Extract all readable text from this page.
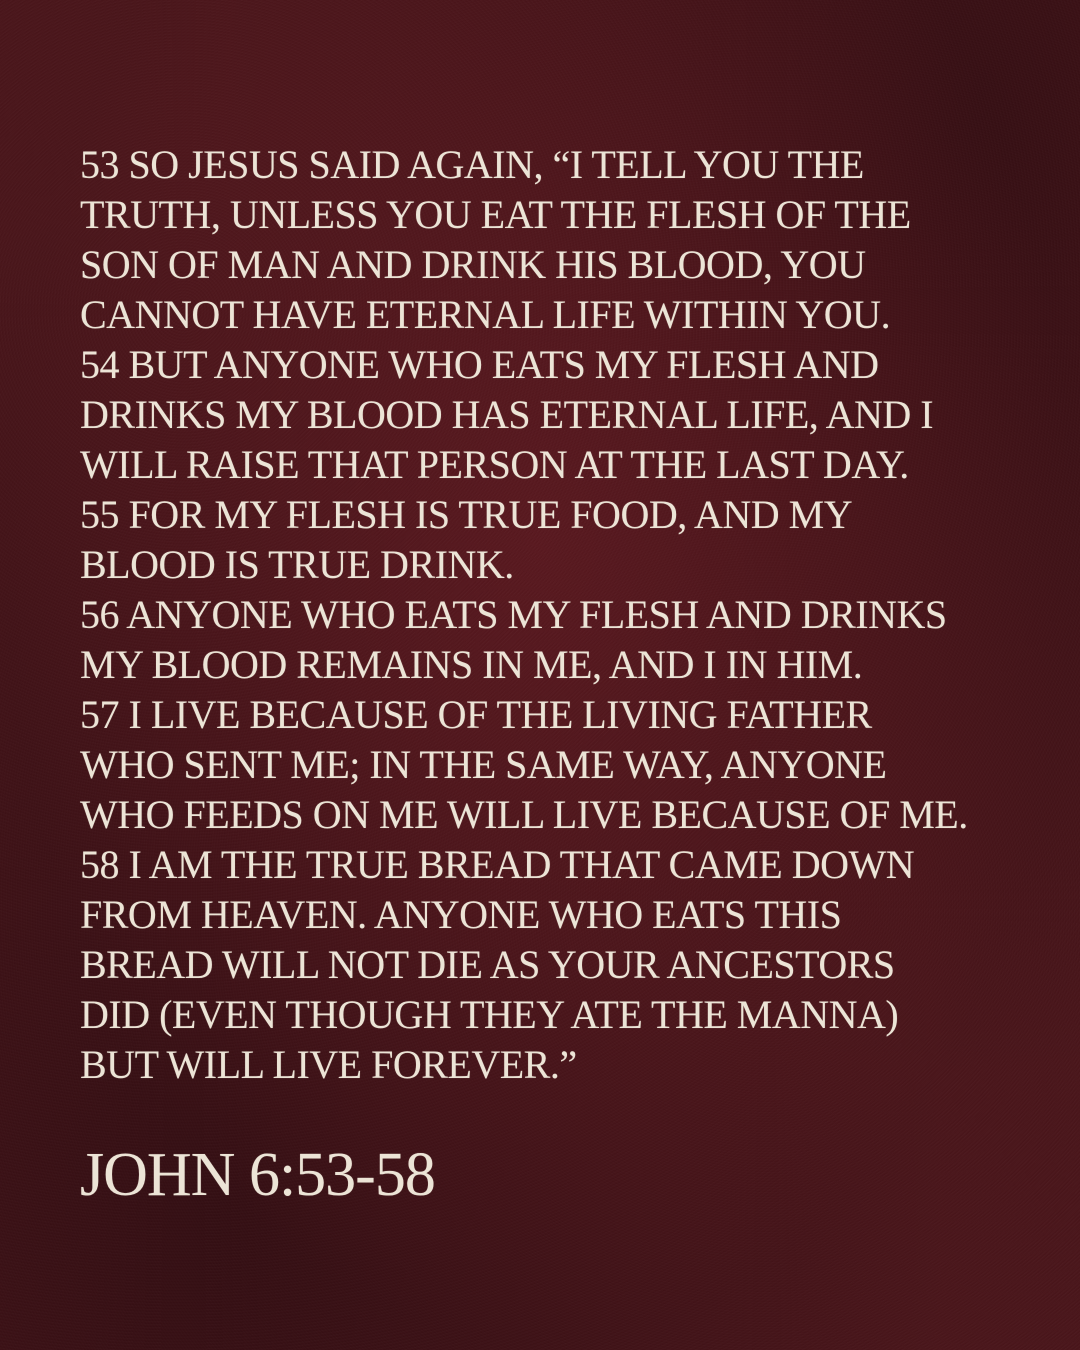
53 SO JESUS SAID AGAIN, “I TELL YOU THE
TRUTH, UNLESS YOU EAT THE FLESH OF THE
SON OF MAN AND DRINK HIS BLOOD, YOU
CANNOT HAVE ETERNAL LIFE WITHIN YOU.
54 BUT ANYONE WHO EATS MY FLESH AND
DRINKS MY BLOOD HAS ETERNAL LIFE, AND I
WILL RAISE THAT PERSON AT THE LAST DAY.
55 FOR MY FLESH IS TRUE FOOD, AND MY
BLOOD IS TRUE DRINK.
56 ANYONE WHO EATS MY FLESH AND DRINKS
MY BLOOD REMAINS IN ME, AND I IN HIM.
57 I LIVE BECAUSE OF THE LIVING FATHER
WHO SENT ME; IN THE SAME WAY, ANYONE
WHO FEEDS ON ME WILL LIVE BECAUSE OF ME.
58 I AM THE TRUE BREAD THAT CAME DOWN
FROM HEAVEN. ANYONE WHO EATS THIS
BREAD WILL NOT DIE AS YOUR ANCESTORS
DID (EVEN THOUGH THEY ATE THE MANNA)
BUT WILL LIVE FOREVER.”

JOHN 6:53-58
